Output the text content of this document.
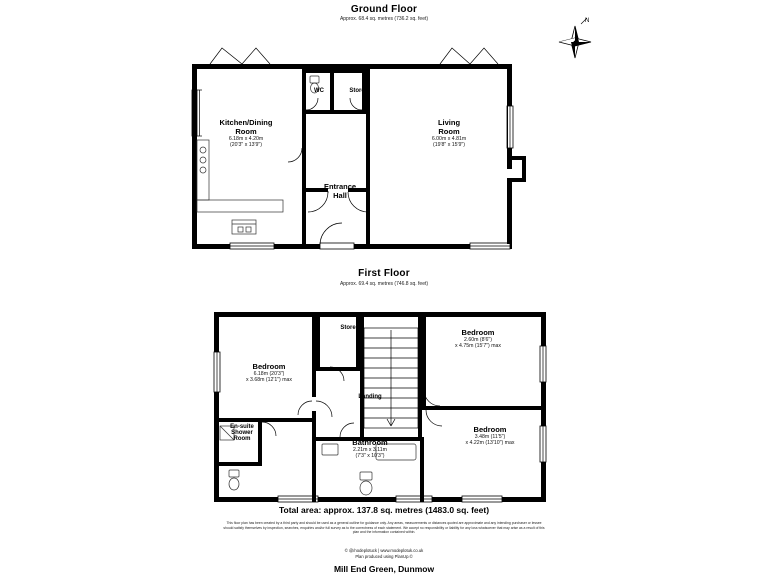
Ground Floor
Approx. 68.4 sq. metres (736.2 sq. feet)	N
Kitchen/Dining
Room
6.18m x 4.20m
(20'3" x 13'9")
Living
Room
6.00m x 4.81m
(19'8" x 15'9")
WC	Store
Entrance
Hall
First Floor
Approx. 69.4 sq. metres (746.8 sq. feet)
Bedroom
6.18m (20'3")
x 3.68m (12'1") max
Bedroom
2.60m (8'6")
x 4.75m (15'7") max
Bedroom
3.48m (11'5")
x 4.22m (13'10") max
Bathroom
2.21m x 3.11m
(7'3" x 10'3")
En-suite
Shower
Room
Store
Landing
Total area: approx. 137.8 sq. metres (1483.0 sq. feet)
This floor plan has been created by a third party and should be used as a general outline for guidance only. Any areas, measurements or distances quoted are approximate and any intending purchaser or lessee
should satisfy themselves by inspection, searches, enquiries and/or full survey as to the correctness of each statement. We accept no responsibility or liability for any loss whatsoever that may arise as a result of this
plan and the information contained within.
© @/nodeplotuck | www.modeplotuk.co.uk
Plan produced using PlanUp.©
Mill End Green, Dunmow
